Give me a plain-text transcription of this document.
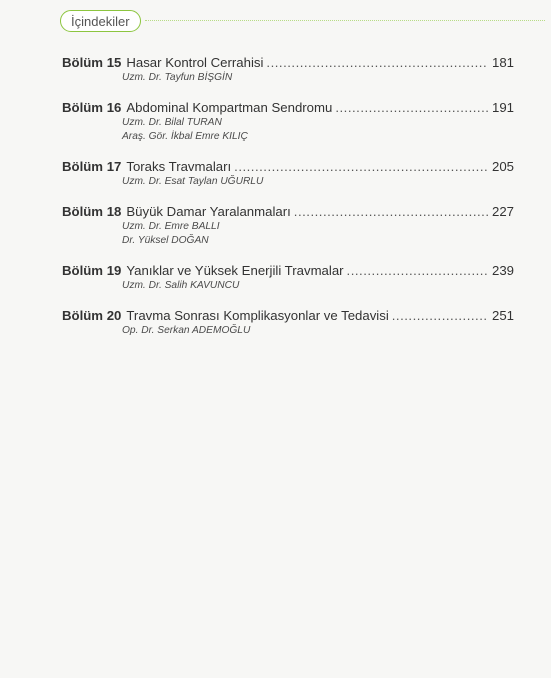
İçindekiler
Bölüm 15 Hasar Kontrol Cerrahisi .....	181
Uzm. Dr. Tayfun BİŞGİN
Bölüm 16 Abdominal Kompartman Sendromu .....	191
Uzm. Dr. Bilal TURAN
Araş. Gör. İkbal Emre KILIÇ
Bölüm 17 Toraks Travmaları .....	205
Uzm. Dr. Esat Taylan UĞURLU
Bölüm 18 Büyük Damar Yaralanmaları .....	227
Uzm. Dr. Emre BALLI
Dr. Yüksel DOĞAN
Bölüm 19 Yanıklar ve Yüksek Enerjili Travmalar .....	239
Uzm. Dr. Salih KAVUNCU
Bölüm 20 Travma Sonrası Komplikasyonlar ve Tedavisi .....	251
Op. Dr. Serkan ADEMOĞLU
